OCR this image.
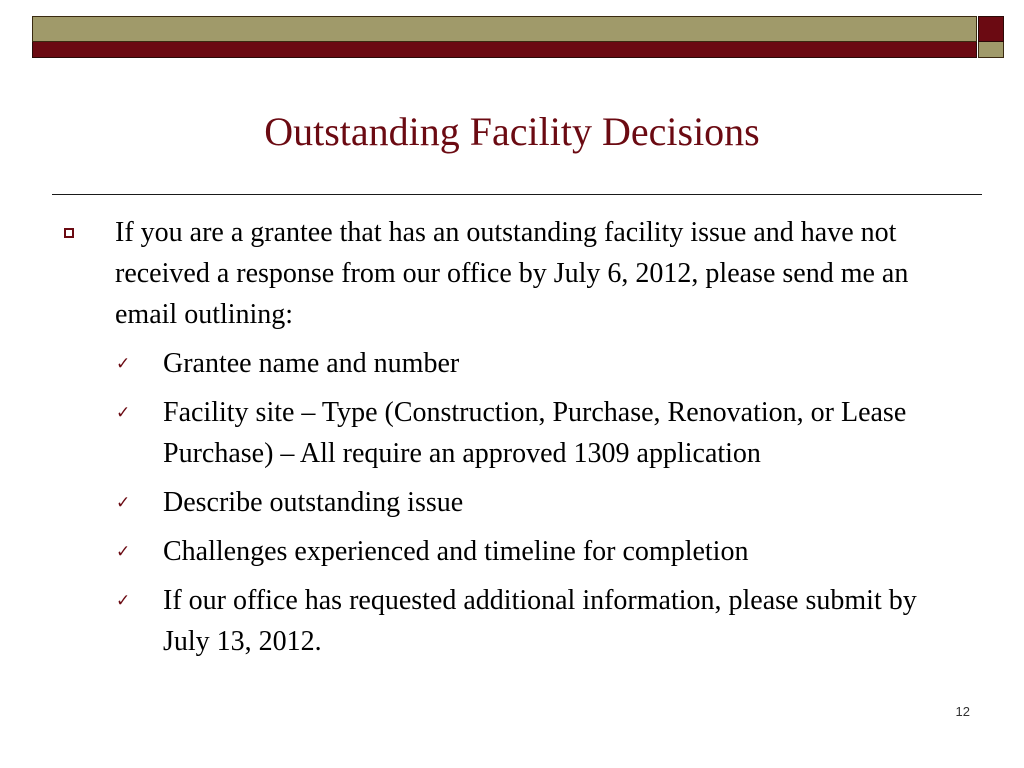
Outstanding Facility Decisions

If you are a grantee that has an outstanding facility issue and have not received a response from our office by July 6, 2012, please send me an email outlining:

✓ Grantee name and number
✓ Facility site – Type (Construction, Purchase, Renovation, or Lease Purchase) – All require an approved 1309 application
✓ Describe outstanding issue
✓ Challenges experienced and timeline for completion
✓ If our office has requested additional information, please submit by July 13, 2012.
12
